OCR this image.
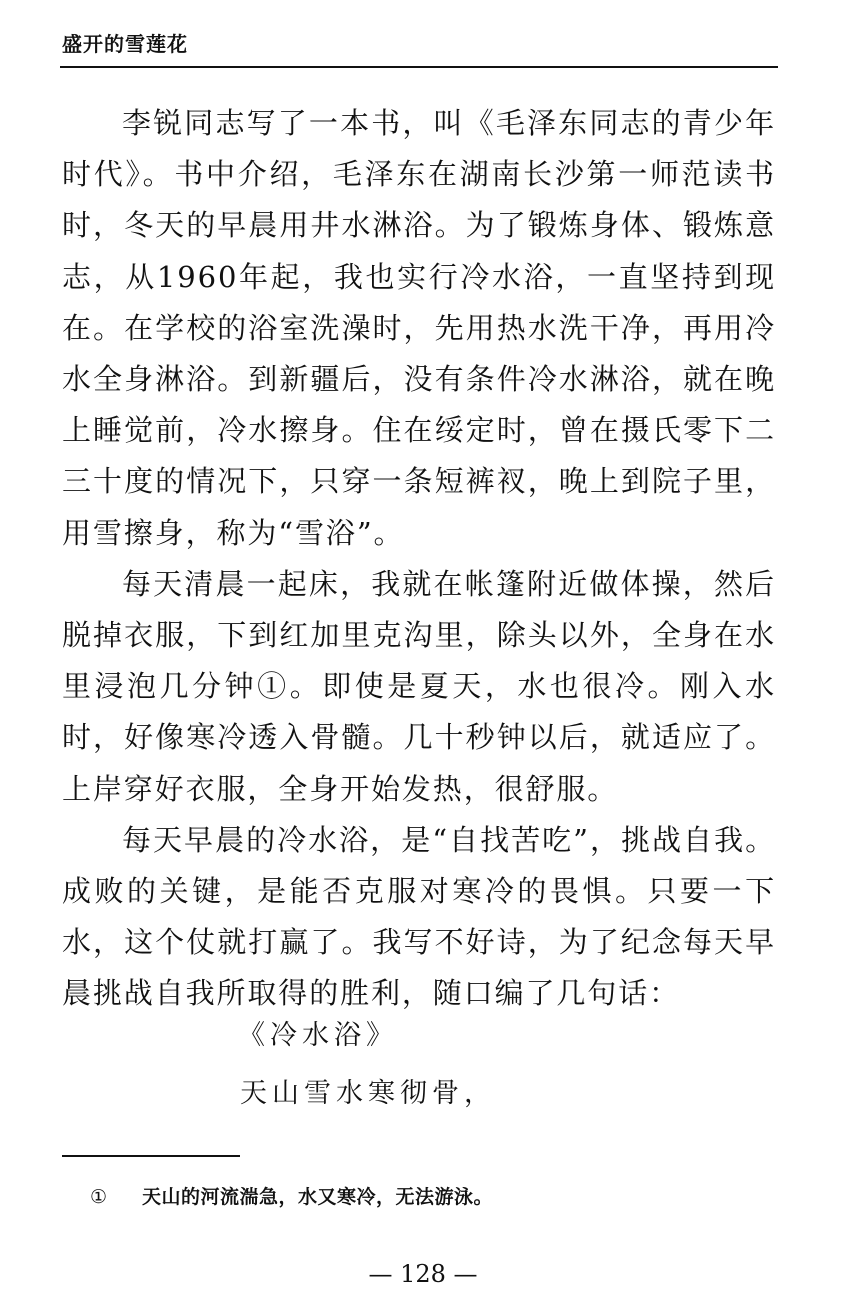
盛开的雪莲花

李锐同志写了一本书，叫《毛泽东同志的青少年时代》。书中介绍，毛泽东在湖南长沙第一师范读书时，冬天的早晨用井水淋浴。为了锻炼身体、锻炼意志，从1960年起，我也实行冷水浴，一直坚持到现在。在学校的浴室洗澡时，先用热水洗干净，再用冷水全身淋浴。到新疆后，没有条件冷水淋浴，就在晚上睡觉前，冷水擦身。住在绥定时，曾在摄氏零下二三十度的情况下，只穿一条短裤衩，晚上到院子里，用雪擦身，称为“雪浴”。

每天清晨一起床，我就在帐篷附近做体操，然后脱掉衣服，下到红加里克沟里，除头以外，全身在水里浸泡几分钟①。即使是夏天，水也很冷。刚入水时，好像寒冷透入骨髓。几十秒钟以后，就适应了。上岸穿好衣服，全身开始发热，很舒服。

每天早晨的冷水浴，是“自找苦吃”，挑战自我。成败的关键，是能否克服对寒冷的畏惧。只要一下水，这个仗就打赢了。我写不好诗，为了纪念每天早晨挑战自我所取得的胜利，随口编了几句话：

《冷水浴》
天山雪水寒彻骨，
① 天山的河流湍急，水又寒冷，无法游泳。
— 128 —
